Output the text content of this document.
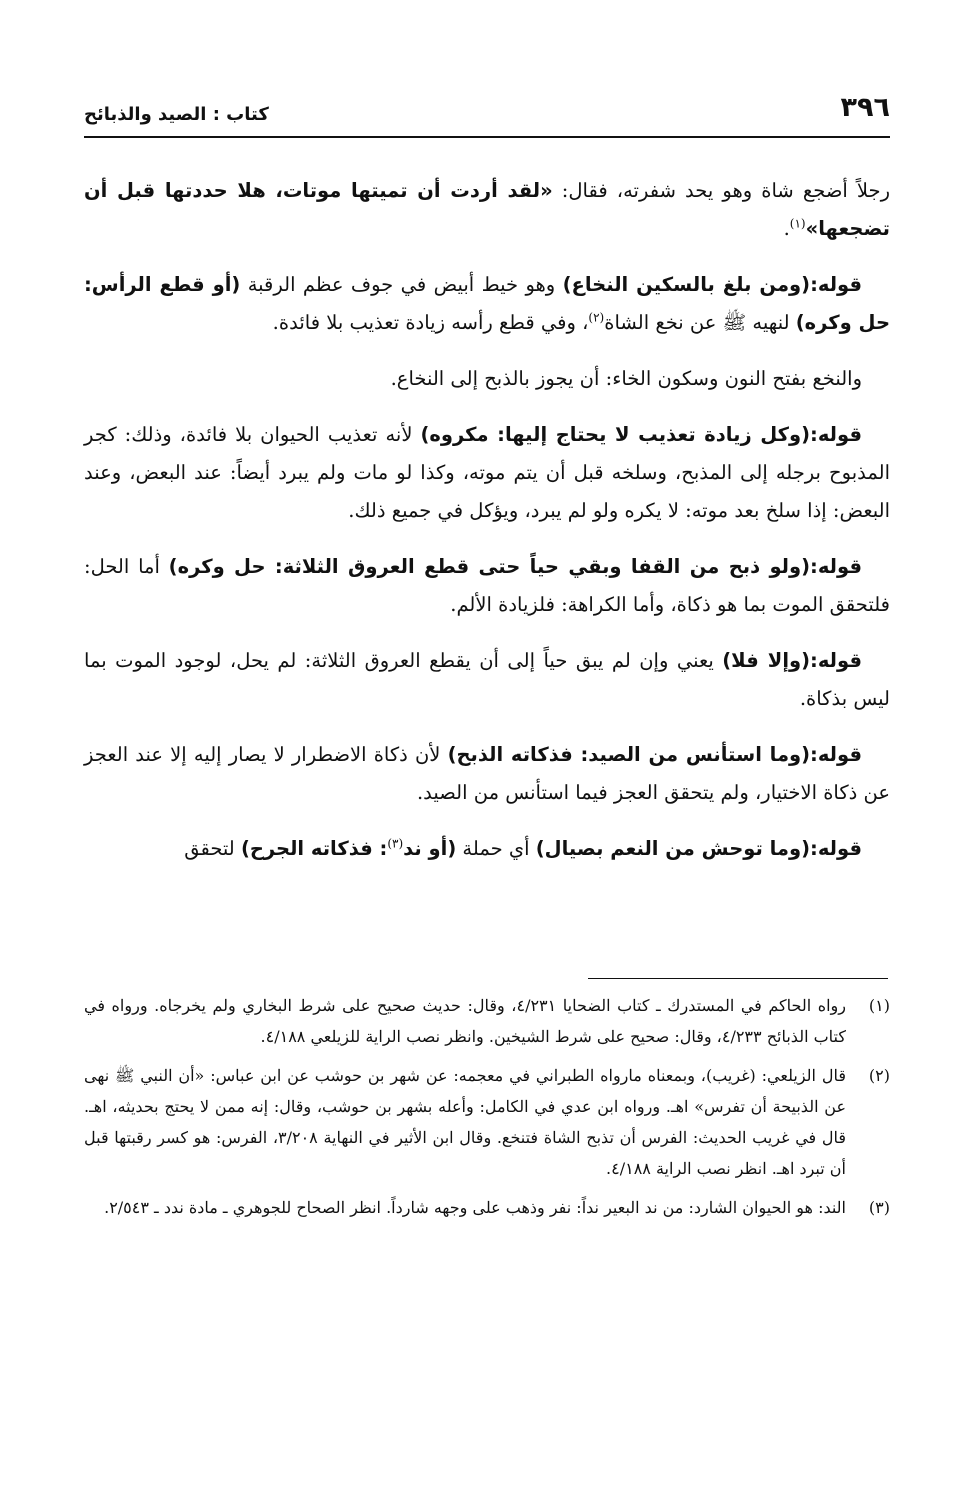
٣٩٦
كتاب : الصيد والذبائح

رجلاً أضجع شاة وهو يحد شفرته، فقال: «لقد أردت أن تميتها موتات، هلا حددتها قبل أن تضجعها»$^{(١)}$.

قوله:(ومن بلغ بالسكين النخاع) وهو خيط أبيض في جوف عظم الرقبة (أو قطع الرأس: حل وكره) لنهيه ﷺ عن نخع الشاة$^{(٢)}$، وفي قطع رأسه زيادة تعذيب بلا فائدة.

والنخع بفتح النون وسكون الخاء: أن يجوز بالذبح إلى النخاع.

قوله:(وكل زيادة تعذيب لا يحتاج إليها: مكروه) لأنه تعذيب الحيوان بلا فائدة، وذلك: كجر المذبوح برجله إلى المذبح، وسلخه قبل أن يتم موته، وكذا لو مات ولم يبرد أيضاً: عند البعض، وعند البعض: إذا سلخ بعد موته: لا يكره ولو لم يبرد، ويؤكل في جميع ذلك.

قوله:(ولو ذبح من القفا وبقي حياً حتى قطع العروق الثلاثة: حل وكره) أما الحل: فلتحقق الموت بما هو ذكاة، وأما الكراهة: فلزيادة الألم.

قوله:(وإلا فلا) يعني وإن لم يبق حياً إلى أن يقطع العروق الثلاثة: لم يحل، لوجود الموت بما ليس بذكاة.

قوله:(وما استأنس من الصيد: فذكاته الذبح) لأن ذكاة الاضطرار لا يصار إليه إلا عند العجز عن ذكاة الاختيار، ولم يتحقق العجز فيما استأنس من الصيد.

قوله:(وما توحش من النعم بصيال) أي حملة (أو ند$^{(٣)}$: فذكاته الجرح) لتحقق

(١)
رواه الحاكم في المستدرك ـ كتاب الضحايا ٤/٢٣١، وقال: حديث صحيح على شرط البخاري ولم يخرجاه. ورواه في كتاب الذبائح ٤/٢٣٣، وقال: صحيح على شرط الشيخين. وانظر نصب الراية للزيلعي ٤/١٨٨.
(٢)
قال الزيلعي: (غريب)، وبمعناه مارواه الطبراني في معجمه: عن شهر بن حوشب عن ابن عباس: «أن النبي ﷺ نهى عن الذبيحة أن تفرس» اهـ. ورواه ابن عدي في الكامل: وأعله بشهر بن حوشب، وقال: إنه ممن لا يحتج بحديثه، اهـ. قال في غريب الحديث: الفرس أن تذبح الشاة فتنخع. وقال ابن الأثير في النهاية ٣/٢٠٨، الفرس: هو كسر رقبتها قبل أن تبرد اهـ. انظر نصب الراية ٤/١٨٨.
(٣)
الند: هو الحيوان الشارد: من ند البعير نداً: نفر وذهب على وجهه شارداً. انظر الصحاح للجوهري ـ مادة ندد ـ ٢/٥٤٣.
